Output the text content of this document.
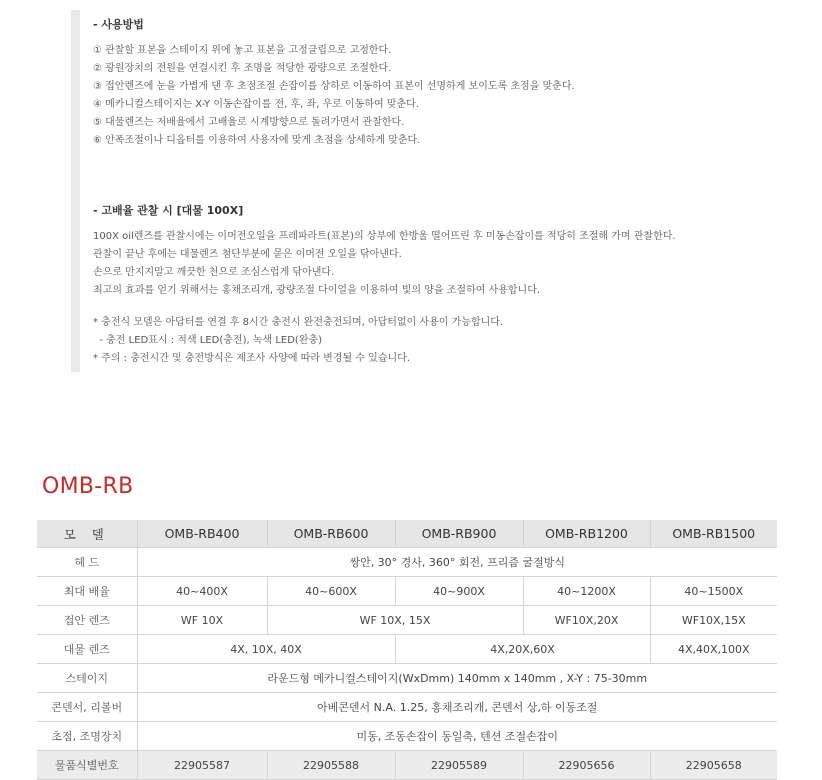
- 사용방법
① 관찰할 표본을 스테이지 위에 놓고 표본을 고정클립으로 고정한다.
② 광원장치의 전원을 연결시킨 후 조명을 적당한 광량으로 조절한다.
③ 접안렌즈에 눈을 가볍게 댄 후 초점조절 손잡이를 상하로 이동하여 표본이 선명하게 보이도록 초점을 맞춘다.
④ 메카니컬스테이지는 X-Y 이동손잡이를 전, 후, 좌, 우로 이동하여 맞춘다.
⑤ 대물렌즈는 저배율에서 고배율로 시계방향으로 돌려가면서 관찰한다.
⑥ 안폭조절이나 디옵터를 이용하여 사용자에 맞게 초점을 상세하게 맞춘다.
- 고배율 관찰 시 [대물 100X]
100X oil렌즈를 관찰시에는 이머전오일을 프레파라트(표본)의 상부에 한방울 떨어뜨린 후 미동손잡이를 적당히 조절해 가며 관찰한다.
관찰이 끝난 후에는 대물렌즈 첨단부분에 묻은 이머전 오일을 닦아낸다.
손으로 만지지말고 깨끗한 천으로 조심스럽게 닦아낸다.
최고의 효과를 얻기 위해서는 홍채조리개, 광량조절 다이얼을 이용하여 빛의 양을 조절하여 사용합니다.
* 충전식 모델은 아답터를 연결 후 8시간 충전시 완전충전되며, 아답터없이 사용이 가능합니다.
- 충전 LED표시 : 적색 LED(충전), 녹색 LED(완충)
* 주의 : 충전시간 및 충전방식은 제조사 사양에 따라 변경될 수 있습니다.
OMB-RB
모 델	OMB-RB400	OMB-RB600	OMB-RB900	OMB-RB1200	OMB-RB1500
헤 드	쌍안, 30° 경사, 360° 회전, 프리즘 굴절방식				
최대 배율	40~400X	40~600X	40~900X	40~1200X	40~1500X
접안 렌즈	WF 10X	WF 10X, 15X		WF10X,20X	WF10X,15X
대물 렌즈	4X, 10X, 40X		4X,20X,60X		4X,40X,100X
스테이지	라운드형 메카니컬스테이지(WxDmm) 140mm x 140mm , X-Y : 75-30mm				
콘덴서, 리볼버	아베콘덴서 N.A. 1.25, 홍채조리개, 콘덴서 상,하 이동조절				
초점, 조명장치	미동, 조동손잡이 동일축, 텐션 조절손잡이				
물품식별번호	22905587	22905588	22905589	22905656	22905658
